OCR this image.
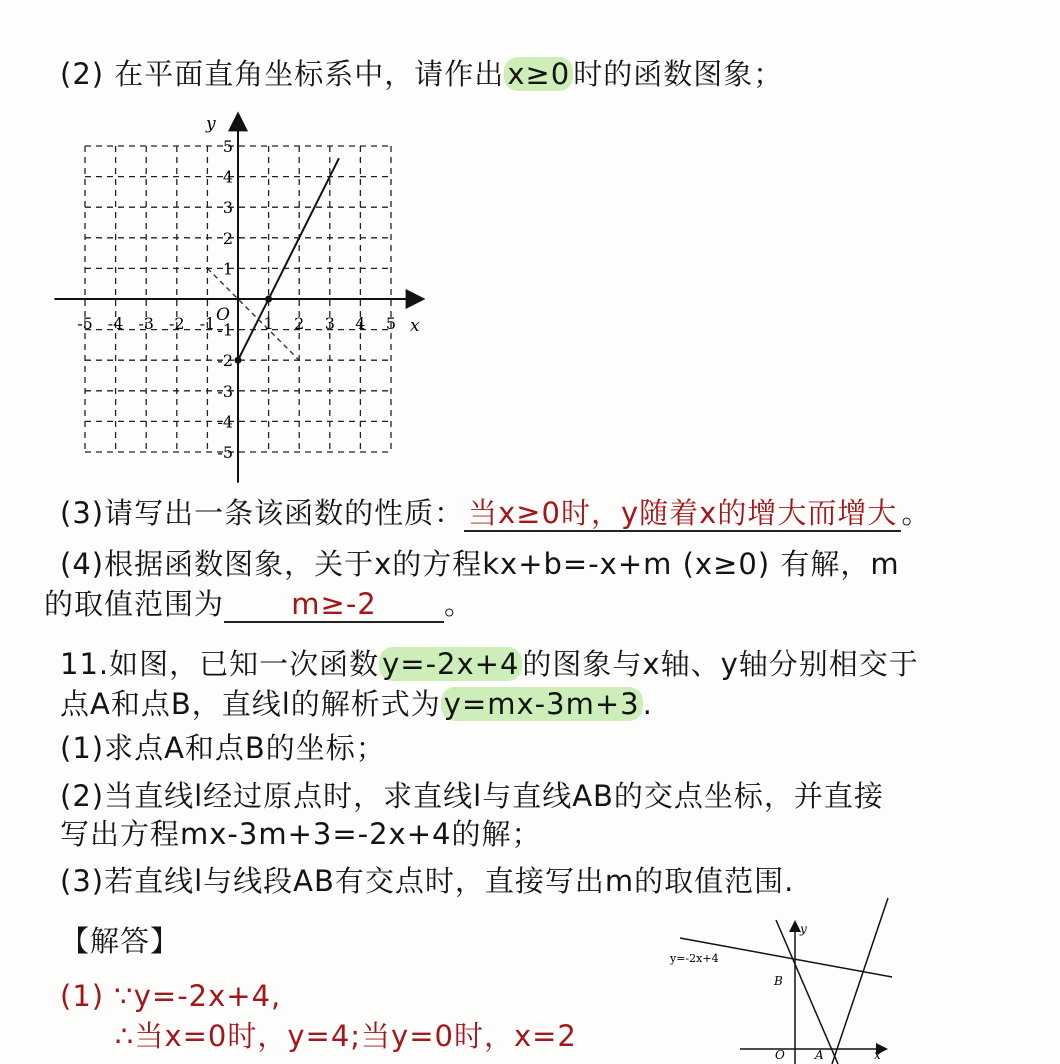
(2) 在平面直角坐标系中，请作出 x≥0 时的函数图象；
x
y
O
-5 -4 -3 -2 -1	1 2 3 4 5
5
4
3
2
1
-1
-2
-3
-4
-5
(3)请写出一条该函数的性质： 当x≥0时，y随着x的增大而增大 。
(4)根据函数图象，关于x的方程kx+b=-x+m (x≥0) 有解，m
的取值范围为 m≥-2 。
11.如图，已知一次函数 y=-2x+4 的图象与x轴、y轴分别相交于
点A和点B，直线l的解析式为 y=mx-3m+3 .
(1)求点A和点B的坐标；
(2)当直线l经过原点时，求直线l与直线AB的交点坐标，并直接
写出方程mx-3m+3=-2x+4的解；
(3)若直线l与线段AB有交点时，直接写出m的取值范围.
【解答】
(1) ∵y=-2x+4,
∴当x=0时，y=4;当y=0时，x=2
y=-2x+4
y
B
O	A	x
